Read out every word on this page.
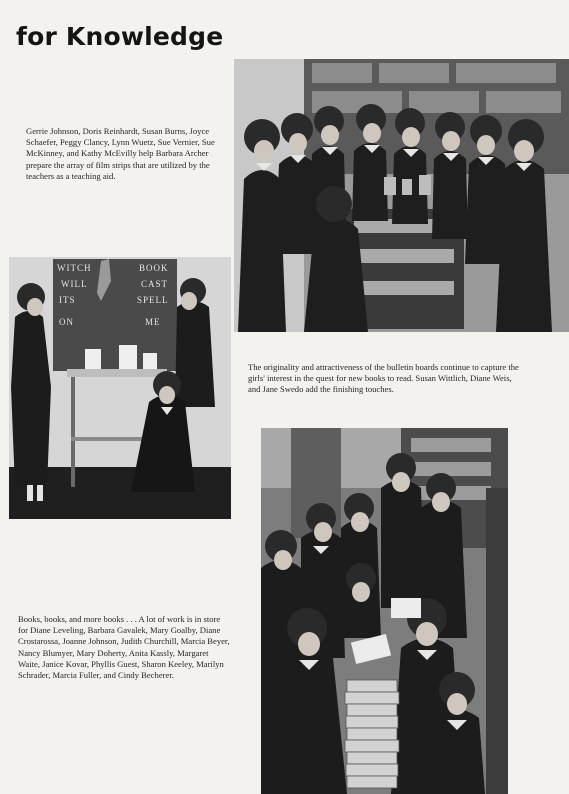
for Knowledge

Gerrie Johnson, Doris Reinhardt, Susan Burns, Joyce Schaefer, Peggy Clancy, Lynn Wuetz, Sue Vernier, Sue McKinney, and Kathy McEvilly help Barbara Archer prepare the array of film strips that are utilized by the teachers as a teaching aid.

The originality and attractiveness of the bulletin boards continue to capture the girls' interest in the quest for new books to read. Susan Wittlich, Diane Weis, and Jane Swedo add the finishing touches.

Books, books, and more books . . . A lot of work is in store for Diane Leveling, Barbara Gavalek, Mary Goalby, Diane Crostarossa, Joanne Johnson, Judith Churchill, Marcia Beyer, Nancy Blumyer, Mary Doherty, Anita Kassly, Margaret Waite, Janice Kovar, Phyllis Guest, Sharon Keeley, Marilyn Schrader, Marcia Fuller, and Cindy Becherer.

WITCH
WILL
ITS
ON
BOOK
CAST
SPELL
ME
